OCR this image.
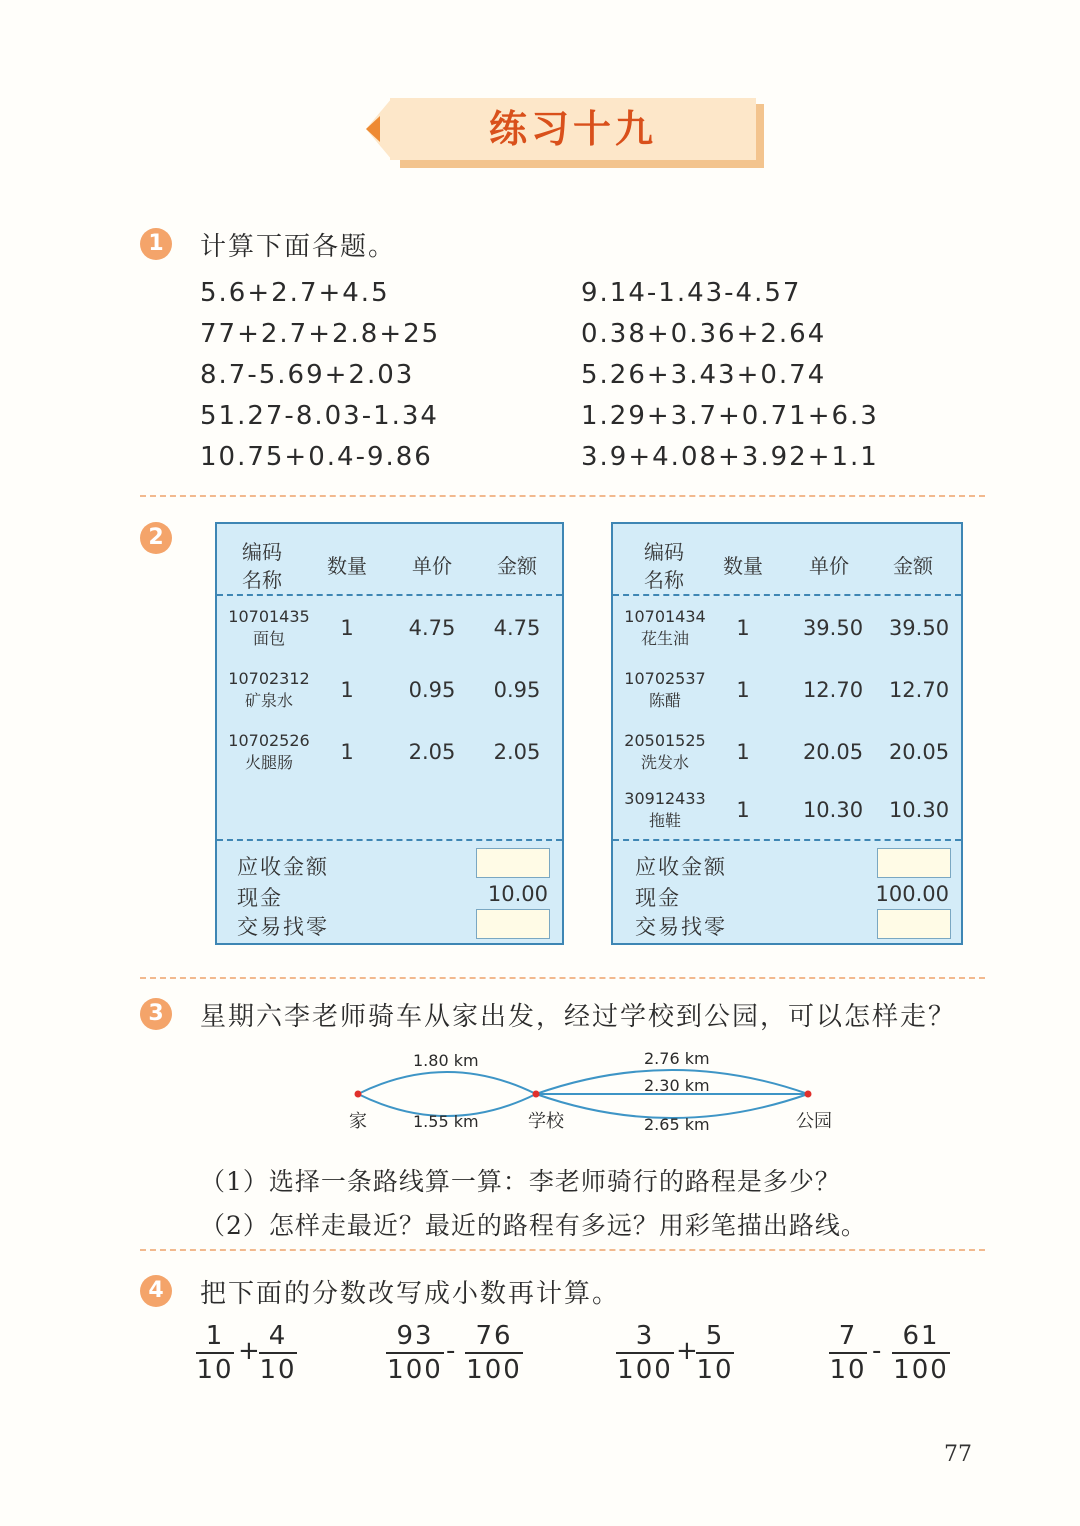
练习十九
1	计算下面各题。
5.6+2.7+4.5
77+2.7+2.8+25
8.7-5.69+2.03
51.27-8.03-1.34
10.75+0.4-9.86
9.14-1.43-4.57
0.38+0.36+2.64
5.26+3.43+0.74
1.29+3.7+0.71+6.3
3.9+4.08+3.92+1.1
2
编码
名称
数量	单价	金额
10701435
面包	1	4.75	4.75
10702312
矿泉水	1	0.95	0.95
10702526
火腿肠	1	2.05	2.05
应收金额
现金	10.00
交易找零
编码
名称
数量	单价	金额
10701434
花生油	1	39.50	39.50
10702537
陈醋	1	12.70	12.70
20501525
洗发水	1	20.05	20.05
30912433
拖鞋	1	10.30	10.30
应收金额
现金	100.00
交易找零
3	星期六李老师骑车从家出发，经过学校到公园，可以怎样走？
1.80 km
1.55 km
2.76 km
2.30 km
2.65 km
家	学校	公园
（1）选择一条路线算一算：李老师骑行的路程是多少？
（2）怎样走最近？最近的路程有多远？用彩笔描出路线。
4	把下面的分数改写成小数再计算。
1
10
+ 4
10
93
100
- 76
100
3
100
+ 5
10
7
10
- 61
100
77
